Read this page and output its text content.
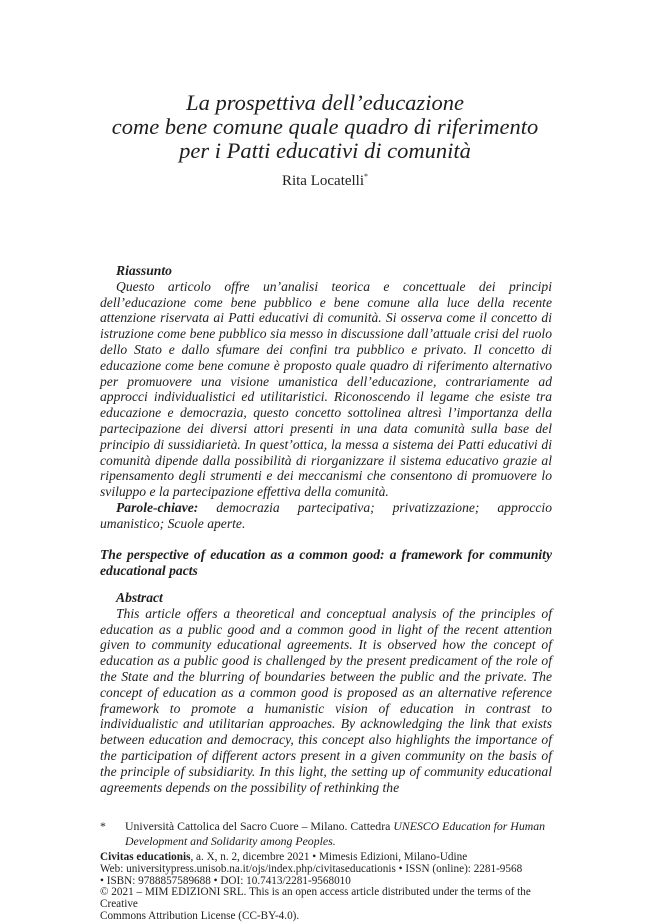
La prospettiva dell’educazione
come bene comune quale quadro di riferimento
per i Patti educativi di comunità
Rita Locatelli*
Riassunto

Questo articolo offre un’analisi teorica e concettuale dei principi dell’educazione come bene pubblico e bene comune alla luce della recente attenzione riservata ai Patti educativi di comunità. Si osserva come il concetto di istruzione come bene pubblico sia messo in discussione dall’attuale crisi del ruolo dello Stato e dallo sfumare dei confini tra pubblico e privato. Il concetto di educazione come bene comune è proposto quale quadro di riferimento alternativo per promuovere una visione umanistica dell’educazione, contrariamente ad approcci individualistici ed utilitaristici. Riconoscendo il legame che esiste tra educazione e democrazia, questo concetto sottolinea altresì l’importanza della partecipazione dei diversi attori presenti in una data comunità sulla base del principio di sussidiarietà. In quest’ottica, la messa a sistema dei Patti educativi di comunità dipende dalla possibilità di riorganizzare il sistema educativo grazie al ripensamento degli strumenti e dei meccanismi che consentono di promuovere lo sviluppo e la partecipazione effettiva della comunità.

Parole-chiave: democrazia partecipativa; privatizzazione; approccio umanistico; Scuole aperte.

The perspective of education as a common good: a framework for community educational pacts
Abstract

This article offers a theoretical and conceptual analysis of the principles of education as a public good and a common good in light of the recent attention given to community educational agreements. It is observed how the concept of education as a public good is challenged by the present predicament of the role of the State and the blurring of boundaries between the public and the private. The concept of education as a common good is proposed as an alternative reference framework to promote a humanistic vision of education in contrast to individualistic and utilitarian approaches. By acknowledging the link that exists between education and democracy, this concept also highlights the importance of the participation of different actors present in a given community on the basis of the principle of subsidiarity. In this light, the setting up of community educational agreements depends on the possibility of rethinking the

* Università Cattolica del Sacro Cuore – Milano. Cattedra UNESCO Education for Human Development and Solidarity among Peoples.
Civitas educationis, a. X, n. 2, dicembre 2021 • Mimesis Edizioni, Milano-Udine
Web: universitypress.unisob.na.it/ojs/index.php/civitaseducationis • ISSN (online): 2281-9568
• ISBN: 9788857589688 • DOI: 10.7413/2281-9568010
© 2021 – MIM EDIZIONI SRL. This is an open access article distributed under the terms of the Creative
Commons Attribution License (CC-BY-4.0).
